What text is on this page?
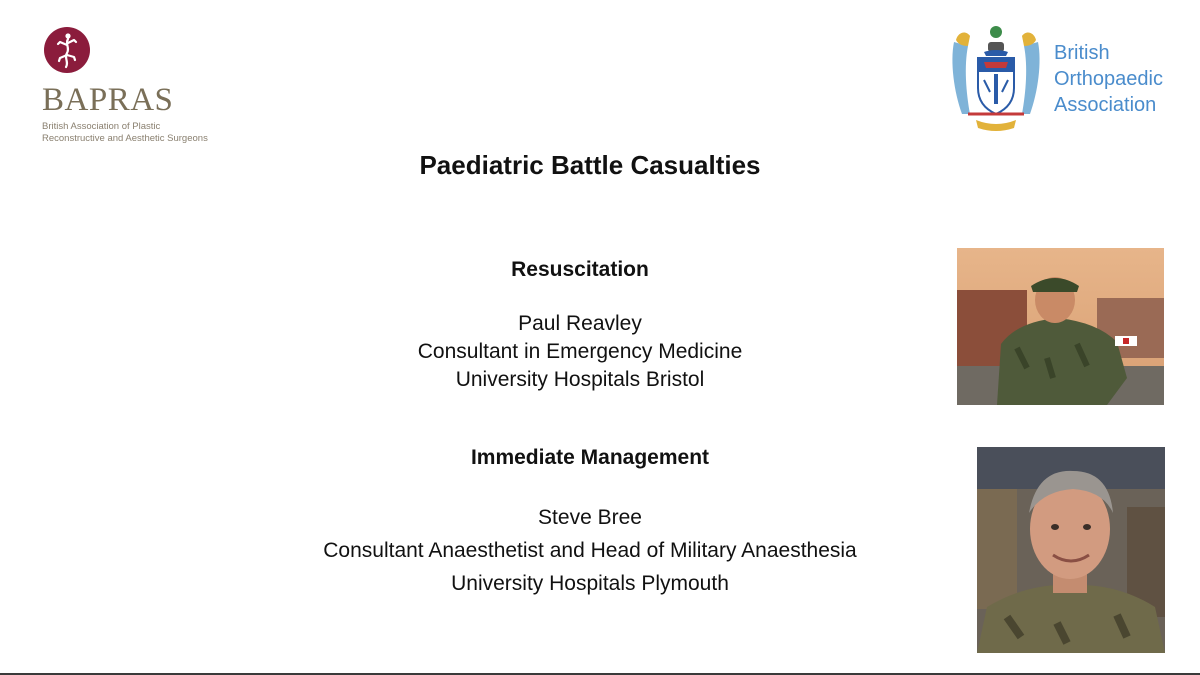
BAPRAS
British Association of Plastic
Reconstructive and Aesthetic Surgeons
British
Orthopaedic
Association
Paediatric Battle Casualties
Resuscitation
Paul Reavley
Consultant in Emergency Medicine
University Hospitals Bristol
Immediate Management
Steve Bree
Consultant Anaesthetist and Head of Military Anaesthesia
University Hospitals Plymouth
